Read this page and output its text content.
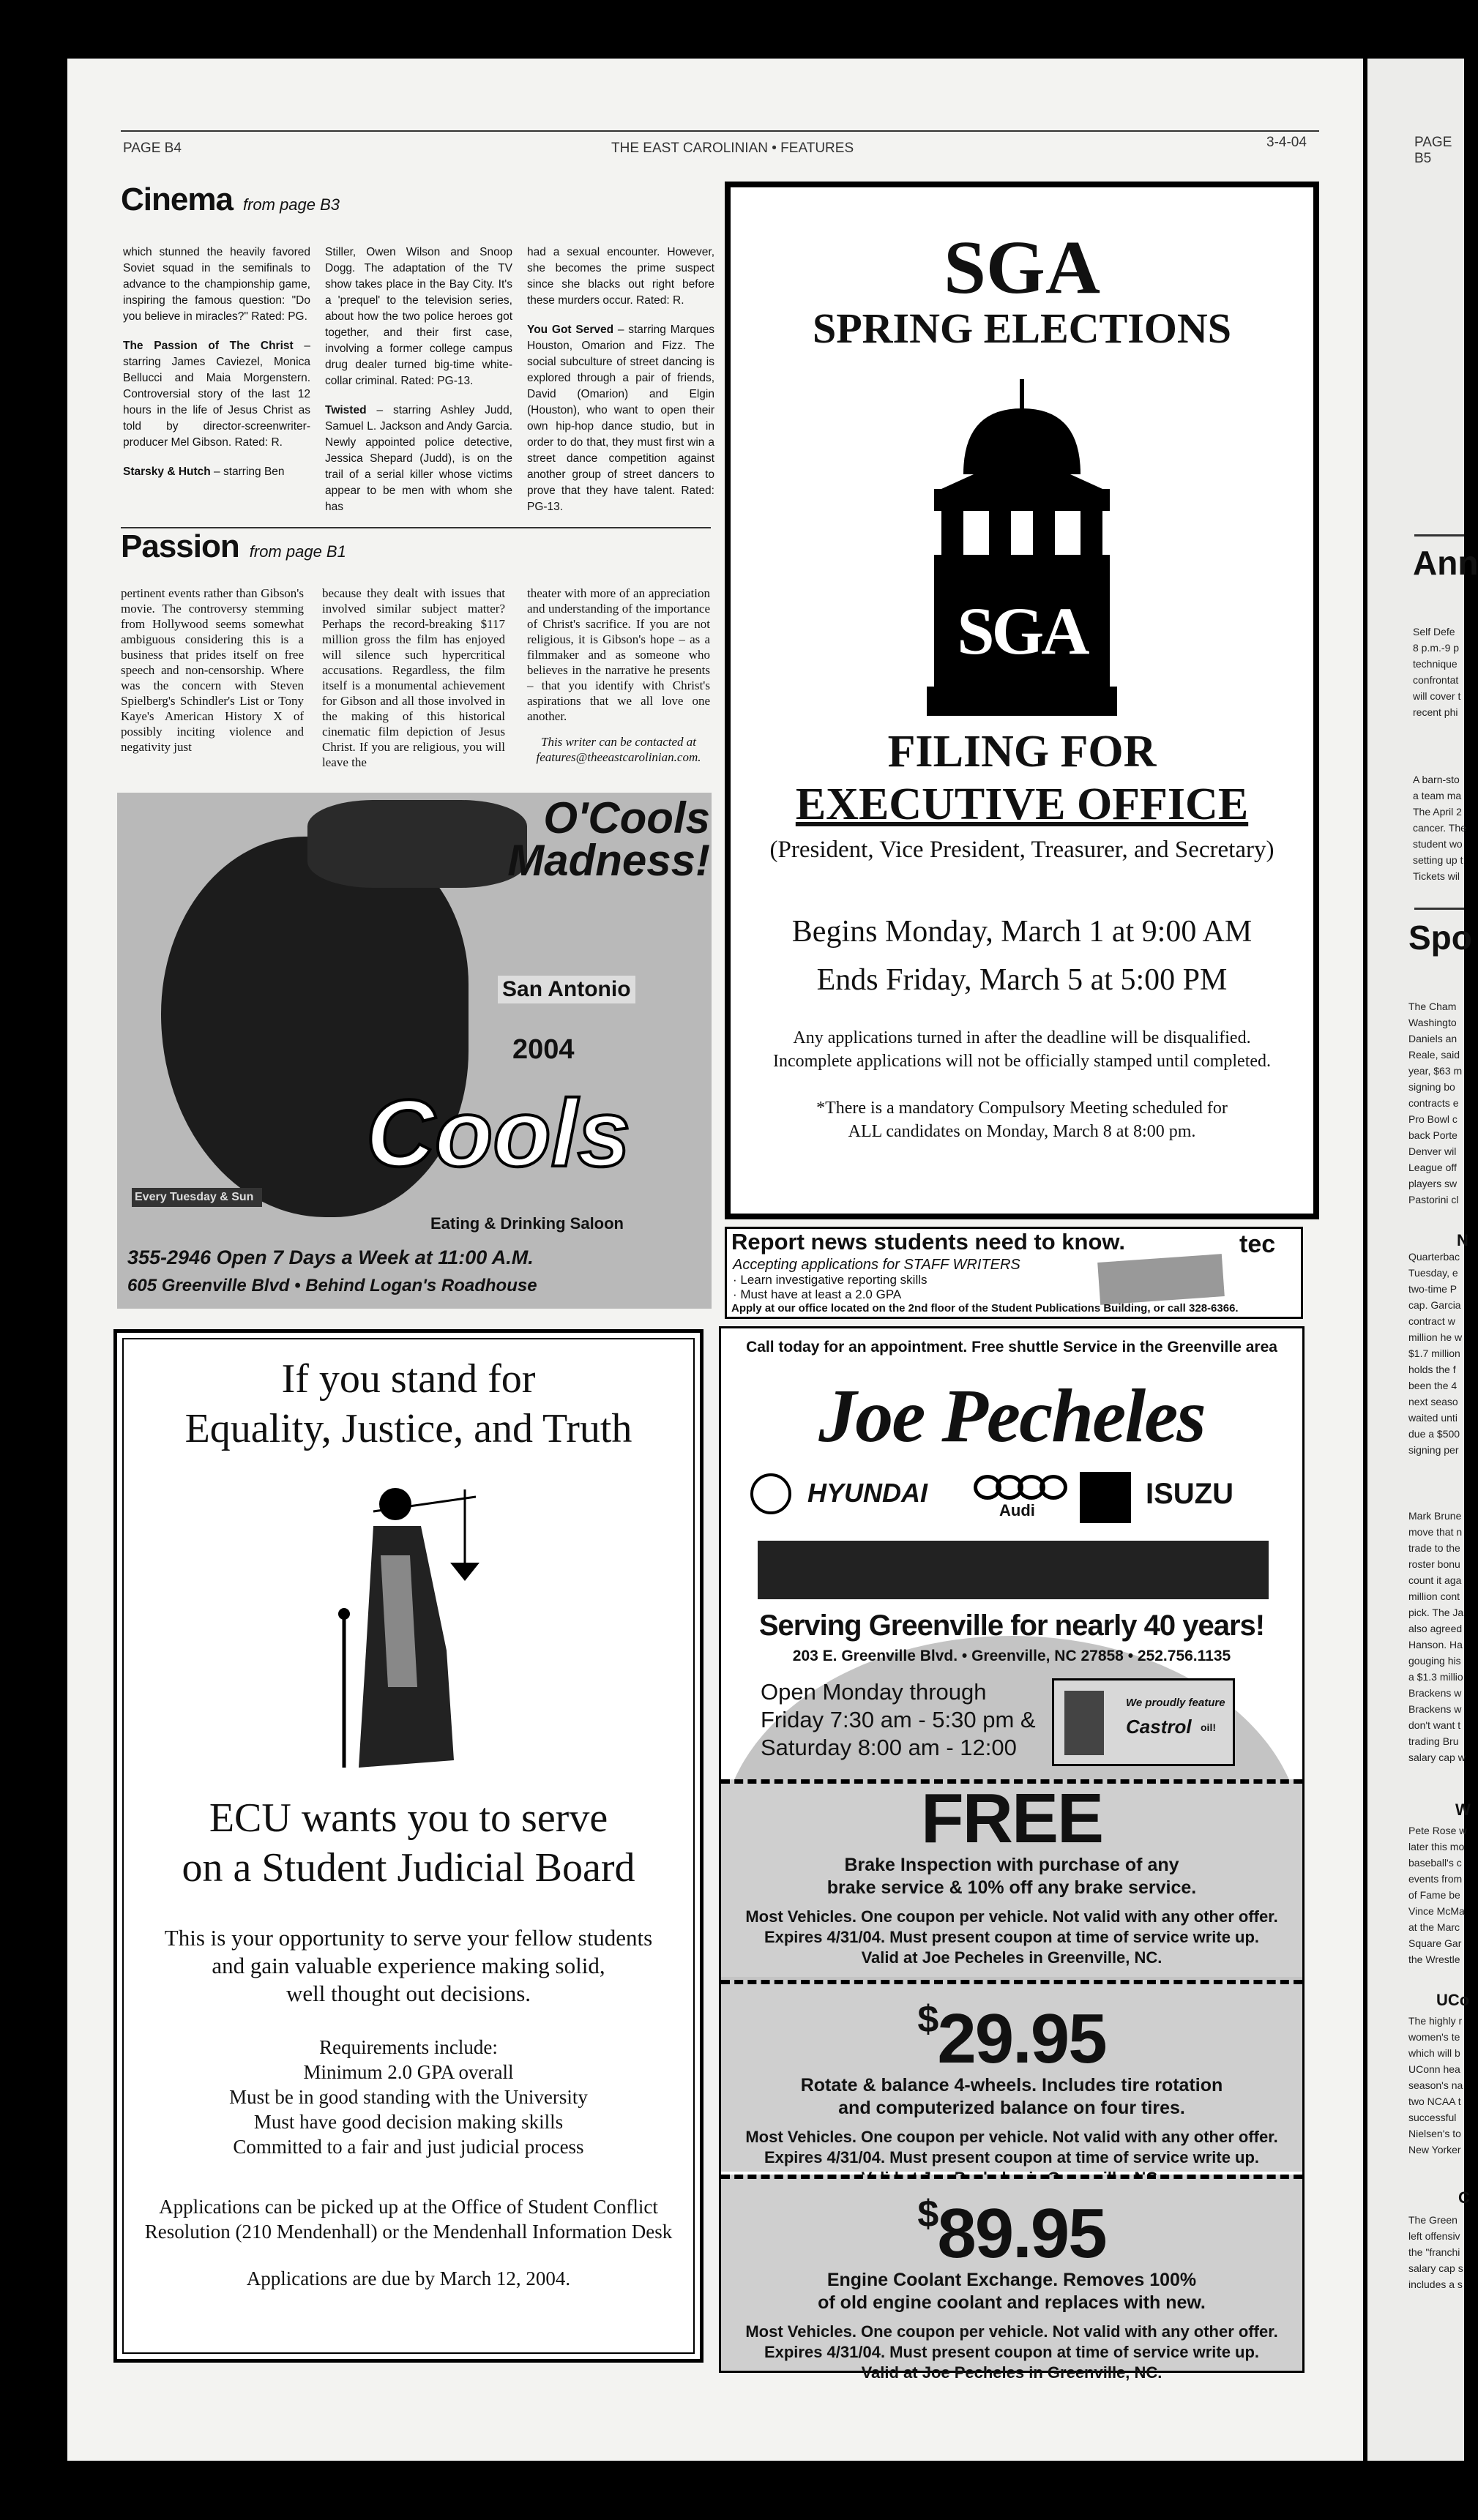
PAGE B4	THE EAST CAROLINIAN • FEATURES	3-4-04	PAGE B5
Cinema from page B3

which stunned the heavily favored Soviet squad in the semifinals to advance to the championship game, inspiring the famous question: "Do you believe in miracles?" Rated: PG.

The Passion of The Christ – starring James Caviezel, Monica Bellucci and Maia Morgenstern. Controversial story of the last 12 hours in the life of Jesus Christ as told by director-screenwriter-producer Mel Gibson. Rated: R.

Starsky & Hutch – starring Ben

Stiller, Owen Wilson and Snoop Dogg. The adaptation of the TV show takes place in the Bay City. It's a 'prequel' to the television series, about how the two police heroes got together, and their first case, involving a former college campus drug dealer turned big-time white-collar criminal. Rated: PG-13.

Twisted – starring Ashley Judd, Samuel L. Jackson and Andy Garcia. Newly appointed police detective, Jessica Shepard (Judd), is on the trail of a serial killer whose victims appear to be men with whom she has

had a sexual encounter. However, she becomes the prime suspect since she blacks out right before these murders occur. Rated: R.

You Got Served – starring Marques Houston, Omarion and Fizz. The social subculture of street dancing is explored through a pair of friends, David (Omarion) and Elgin (Houston), who want to open their own hip-hop dance studio, but in order to do that, they must first win a street dance competition against another group of street dancers to prove that they have talent. Rated: PG-13.

Passion from page B1

pertinent events rather than Gibson's movie. The controversy stemming from Hollywood seems somewhat ambiguous considering this is a business that prides itself on free speech and non-censorship. Where was the concern with Steven Spielberg's Schindler's List or Tony Kaye's American History X of possibly inciting violence and negativity just

because they dealt with issues that involved similar subject matter? Perhaps the record-breaking $117 million gross the film has enjoyed will silence such hypercritical accusations. Regardless, the film itself is a monumental achievement for Gibson and all those involved in the making of this historical cinematic film depiction of Jesus Christ. If you are religious, you will leave the

theater with more of an appreciation and understanding of the importance of Christ's sacrifice. If you are not religious, it is Gibson's hope – as a filmmaker and as someone who believes in the narrative he presents – that you identify with Christ's aspirations that we all love one another.

This writer can be contacted at features@theeastcarolinian.com.

O'Cools Madness!
San Antonio
2004
Cools
Every Tuesday & Sun
Eating & Drinking Saloon
355-2946 Open 7 Days a Week at 11:00 A.M.
605 Greenville Blvd • Behind Logan's Roadhouse
SGA
SPRING ELECTIONS
SGA
FILING FOR
EXECUTIVE OFFICE
(President, Vice President, Treasurer, and Secretary)
Begins Monday, March 1 at 9:00 AM
Ends Friday, March 5 at 5:00 PM
Any applications turned in after the deadline will be disqualified.
Incomplete applications will not be officially stamped until completed.
*There is a mandatory Compulsory Meeting scheduled for
ALL candidates on Monday, March 8 at 8:00 pm.
Report news students need to know.	tec
Accepting applications for STAFF WRITERS
· Learn investigative reporting skills
· Must have at least a 2.0 GPA
Apply at our office located on the 2nd floor of the Student Publications Building, or call 328-6366.
If you stand for
Equality, Justice, and Truth
ECU wants you to serve
on a Student Judicial Board
This is your opportunity to serve your fellow students
and gain valuable experience making solid,
well thought out decisions.
Requirements include:
Minimum 2.0 GPA overall
Must be in good standing with the University
Must have good decision making skills
Committed to a fair and just judicial process
Applications can be picked up at the Office of Student Conflict
Resolution (210 Mendenhall) or the Mendenhall Information Desk
Applications are due by March 12, 2004.
Call today for an appointment. Free shuttle Service in the Greenville area
Joe Pecheles
HYUNDAI
Audi
ISUZU
Serving Greenville for nearly 40 years!
203 E. Greenville Blvd. • Greenville, NC 27858 • 252.756.1135
Open Monday through
Friday 7:30 am - 5:30 pm &
Saturday 8:00 am - 12:00
We proudly feature
Castrol oil!
FREE
Brake Inspection with purchase of any
brake service & 10% off any brake service.
Most Vehicles. One coupon per vehicle. Not valid with any other offer.
Expires 4/31/04. Must present coupon at time of service write up.
Valid at Joe Pecheles in Greenville, NC.
$29.95
Rotate & balance 4-wheels. Includes tire rotation
and computerized balance on four tires.
Most Vehicles. One coupon per vehicle. Not valid with any other offer.
Expires 4/31/04. Must present coupon at time of service write up.
$89.95
Engine Coolant Exchange. Removes 100%
of old engine coolant and replaces with new.
Most Vehicles. One coupon per vehicle. Not valid with any other offer.
Expires 4/31/04. Must present coupon at time of service write up.
Valid at Joe Pecheles in Greenville, NC.
Ann
Self Defe
8 p.m.-9 p
technique
confrontat
will cover t
recent phi
A barn-sto
a team ma
The April 2
cancer. The
student wo
setting up t
Tickets wil
Spo
The Cham
Washingto
Daniels an
Reale, said
year, $63 m
signing bo
contracts e
Pro Bowl c
back Porte
Denver wil
League off
players sw
Pastorini cl
N
Quarterbac
Tuesday, e
two-time P
cap. Garcia
contract w
million he w
$1.7 million
holds the f
been the 4
next seaso
waited unti
due a $500
signing per
Mark Brune
move that n
trade to the
roster bonu
count it aga
million cont
pick. The Ja
also agreed
Hanson. Ha
gouging his
a $1.3 millio
Brackens w
Brackens w
don't want t
trading Bru
salary cap w
W
Pete Rose w
later this mo
baseball's c
events from
of Fame be
Vince McMa
at the Marc
Square Gar
the Wrestle
UCo
The highly r
women's te
which will b
UConn hea
season's na
two NCAA t
successful
Nielsen's to
New Yorker
C
The Green
left offensiv
the "franchi
salary cap s
includes a s
